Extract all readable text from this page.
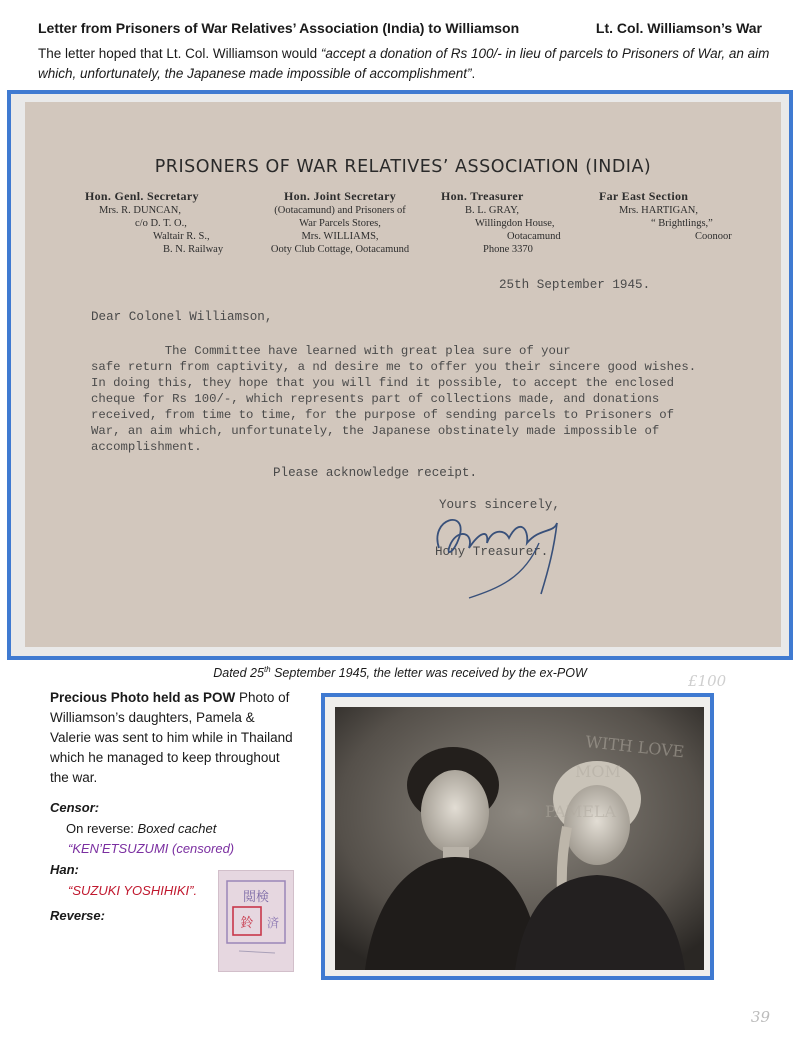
Letter from Prisoners of War Relatives’ Association (India) to Williamson	Lt. Col. Williamson’s War
The letter hoped that Lt. Col. Williamson would “accept a donation of Rs 100/- in lieu of parcels to Prisoners of War, an aim which, unfortunately, the Japanese made impossible of accomplishment”.
PRISONERS OF WAR RELATIVES’ ASSOCIATION (INDIA)
Hon. Genl. Secretary
Mrs. R. DUNCAN,
c/o D. T. O.,
Waltair R. S.,
B. N. Railway
Hon. Joint Secretary
(Ootacamund) and Prisoners of
War Parcels Stores,
Mrs. WILLIAMS,
Ooty Club Cottage, Ootacamund
Hon. Treasurer
B. L. GRAY,
Willingdon House,
Ootacamund
Phone 3370
Far East Section
Mrs. HARTIGAN,
“ Brightlings,”
Coonoor
25th September 1945.
Dear Colonel Williamson,
The Committee have learned with great plea sure of your
safe return from captivity, a nd desire me to offer you their sincere good wishes.
In doing this, they hope that you will find it possible, to accept the enclosed
cheque for Rs 100/-, which represents part of collections made, and donations
received, from time to time, for the purpose of sending parcels to Prisoners of
War, an aim which, unfortunately, the Japanese obstinately made impossible of
accomplishment.
Please acknowledge receipt.
Yours sincerely,
Hony Treasurer.
Dated 25th September 1945, the letter was received by the ex-POW	£100
Precious Photo held as POW Photo of Williamson’s daughters, Pamela & Valerie was sent to him while in Thailand which he managed to keep throughout the war.
Censor:
On reverse: Boxed cachet
“KEN’ETSUZUMI (censored)
Han:
“SUZUKI YOSHIHIKI”.
Reverse:
閲検
鈴 済
WITH LOVE
MOM
PAMELA
39
